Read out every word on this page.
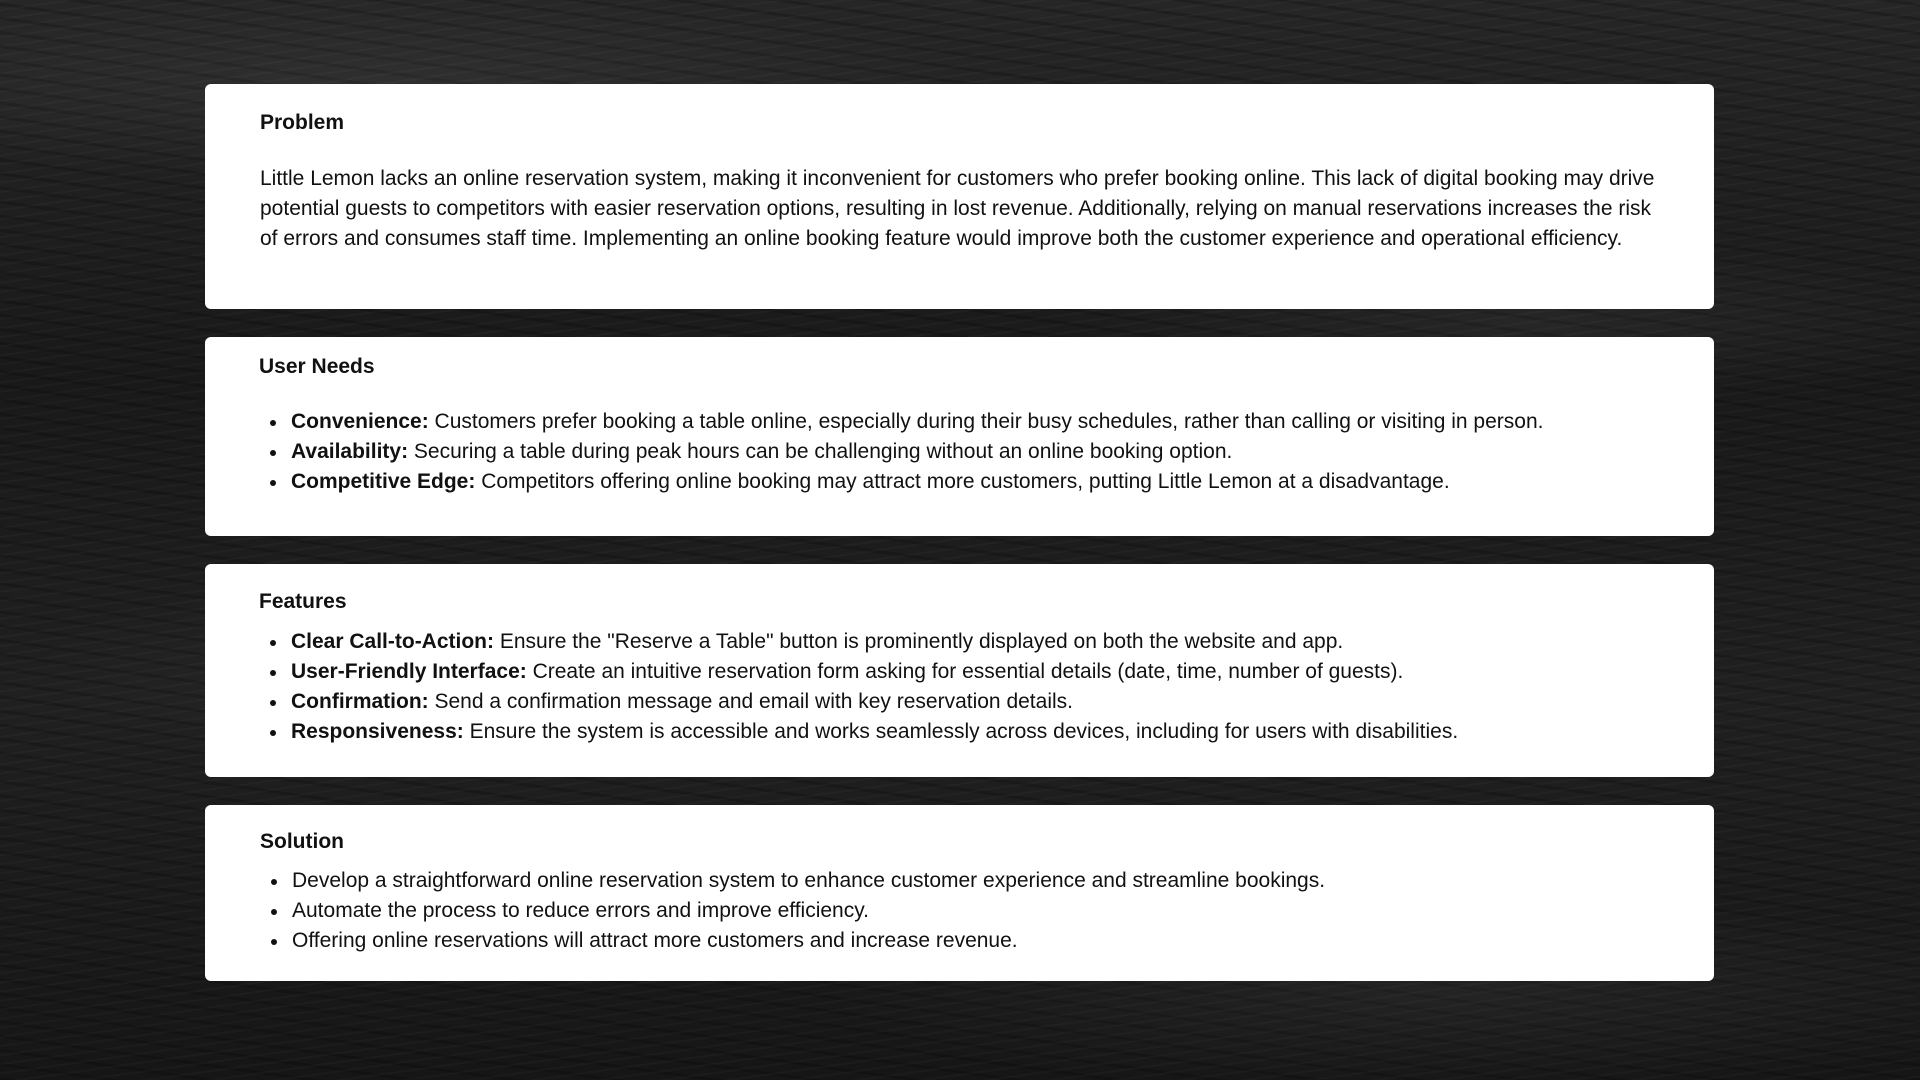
Problem

Little Lemon lacks an online reservation system, making it inconvenient for customers who prefer booking online. This lack of digital booking may drive potential guests to competitors with easier reservation options, resulting in lost revenue. Additionally, relying on manual reservations increases the risk of errors and consumes staff time. Implementing an online booking feature would improve both the customer experience and operational efficiency.

User Needs
Convenience: Customers prefer booking a table online, especially during their busy schedules, rather than calling or visiting in person.
Availability: Securing a table during peak hours can be challenging without an online booking option.
Competitive Edge: Competitors offering online booking may attract more customers, putting Little Lemon at a disadvantage.
Features
Clear Call-to-Action: Ensure the "Reserve a Table" button is prominently displayed on both the website and app.
User-Friendly Interface: Create an intuitive reservation form asking for essential details (date, time, number of guests).
Confirmation: Send a confirmation message and email with key reservation details.
Responsiveness: Ensure the system is accessible and works seamlessly across devices, including for users with disabilities.
Solution
Develop a straightforward online reservation system to enhance customer experience and streamline bookings.
Automate the process to reduce errors and improve efficiency.
Offering online reservations will attract more customers and increase revenue.
